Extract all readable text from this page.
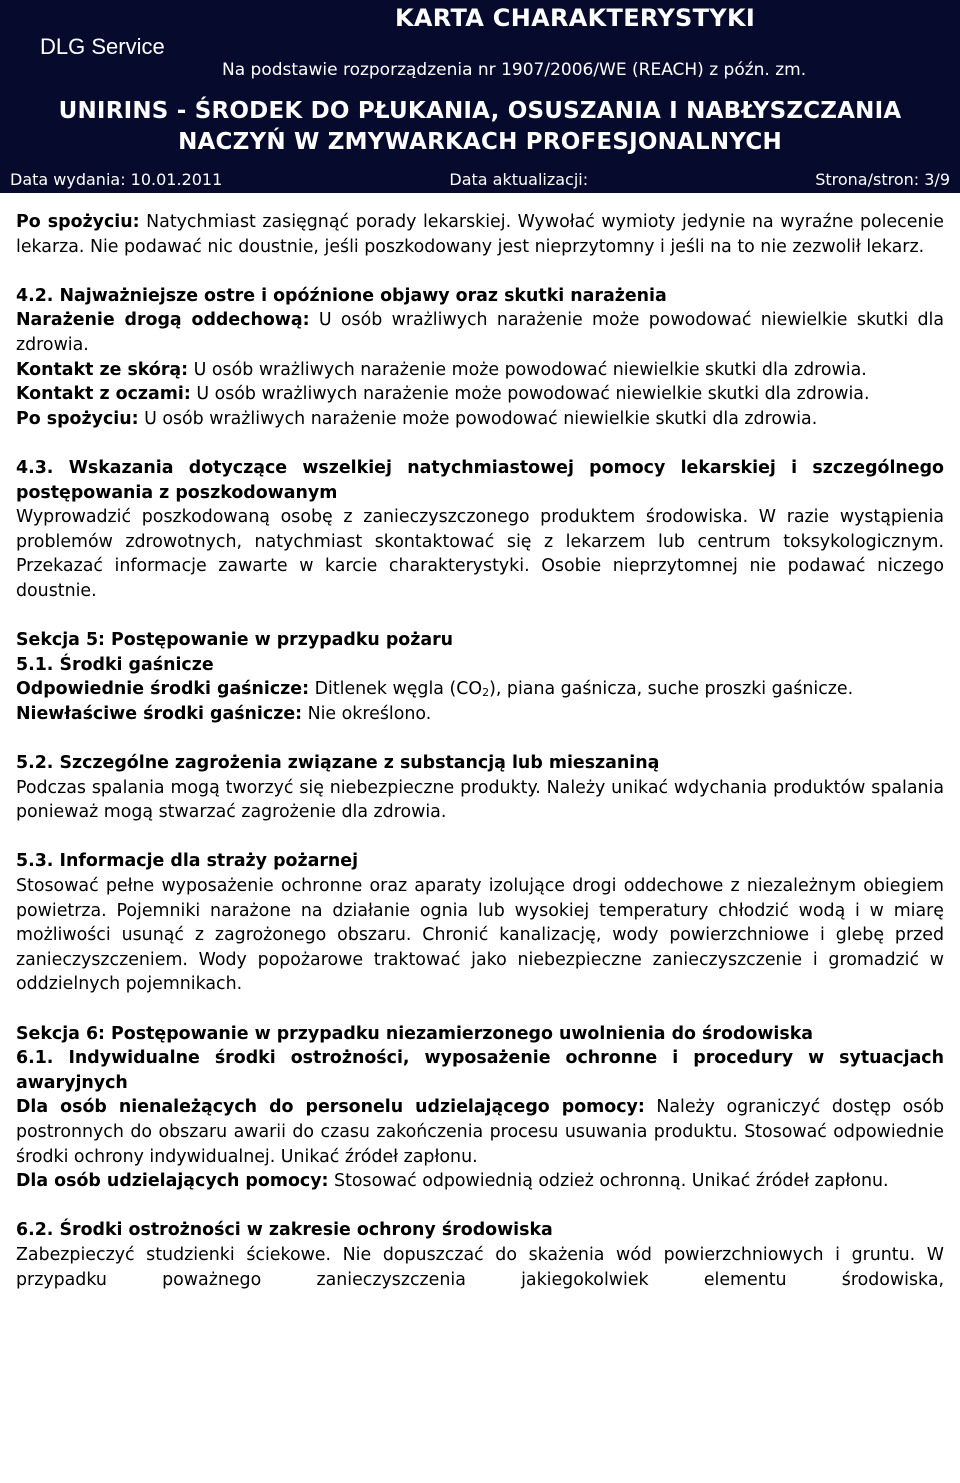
DLG Service
KARTA CHARAKTERYSTYKI
Na podstawie rozporządzenia nr 1907/2006/WE (REACH) z późn. zm.
UNIRINS - ŚRODEK DO PŁUKANIA, OSUSZANIA I NABŁYSZCZANIA
NACZYŃ W ZMYWARKACH PROFESJONALNYCH
Data wydania: 10.01.2011	Data aktualizacji:	Strona/stron: 3/9

Po spożyciu: Natychmiast zasięgnąć porady lekarskiej. Wywołać wymioty jedynie na wyraźne polecenie lekarza. Nie podawać nic doustnie, jeśli poszkodowany jest nieprzytomny i jeśli na to nie zezwolił lekarz.

4.2. Najważniejsze ostre i opóźnione objawy oraz skutki narażenia

Narażenie drogą oddechową: U osób wrażliwych narażenie może powodować niewielkie skutki dla zdrowia.

Kontakt ze skórą: U osób wrażliwych narażenie może powodować niewielkie skutki dla zdrowia.

Kontakt z oczami: U osób wrażliwych narażenie może powodować niewielkie skutki dla zdrowia.

Po spożyciu: U osób wrażliwych narażenie może powodować niewielkie skutki dla zdrowia.

4.3. Wskazania dotyczące wszelkiej natychmiastowej pomocy lekarskiej i szczególnego postępowania z poszkodowanym

Wyprowadzić poszkodowaną osobę z zanieczyszczonego produktem środowiska. W razie wystąpienia problemów zdrowotnych, natychmiast skontaktować się z lekarzem lub centrum toksykologicznym. Przekazać informacje zawarte w karcie charakterystyki. Osobie nieprzytomnej nie podawać niczego doustnie.

Sekcja 5: Postępowanie w przypadku pożaru

5.1. Środki gaśnicze

Odpowiednie środki gaśnicze: Ditlenek węgla $(CO_2)$, piana gaśnicza, suche proszki gaśnicze.

Niewłaściwe środki gaśnicze: Nie określono.

5.2. Szczególne zagrożenia związane z substancją lub mieszaniną

Podczas spalania mogą tworzyć się niebezpieczne produkty. Należy unikać wdychania produktów spalania ponieważ mogą stwarzać zagrożenie dla zdrowia.

5.3. Informacje dla straży pożarnej

Stosować pełne wyposażenie ochronne oraz aparaty izolujące drogi oddechowe z niezależnym obiegiem powietrza. Pojemniki narażone na działanie ognia lub wysokiej temperatury chłodzić wodą i w miarę możliwości usunąć z zagrożonego obszaru. Chronić kanalizację, wody powierzchniowe i glebę przed zanieczyszczeniem. Wody popożarowe traktować jako niebezpieczne zanieczyszczenie i gromadzić w oddzielnych pojemnikach.

Sekcja 6: Postępowanie w przypadku niezamierzonego uwolnienia do środowiska

6.1. Indywidualne środki ostrożności, wyposażenie ochronne i procedury w sytuacjach awaryjnych

Dla osób nienależących do personelu udzielającego pomocy: Należy ograniczyć dostęp osób postronnych do obszaru awarii do czasu zakończenia procesu usuwania produktu. Stosować odpowiednie środki ochrony indywidualnej. Unikać źródeł zapłonu.

Dla osób udzielających pomocy: Stosować odpowiednią odzież ochronną. Unikać źródeł zapłonu.

6.2. Środki ostrożności w zakresie ochrony środowiska

Zabezpieczyć studzienki ściekowe. Nie dopuszczać do skażenia wód powierzchniowych i gruntu. W przypadku poważnego zanieczyszczenia jakiegokolwiek elementu środowiska,
